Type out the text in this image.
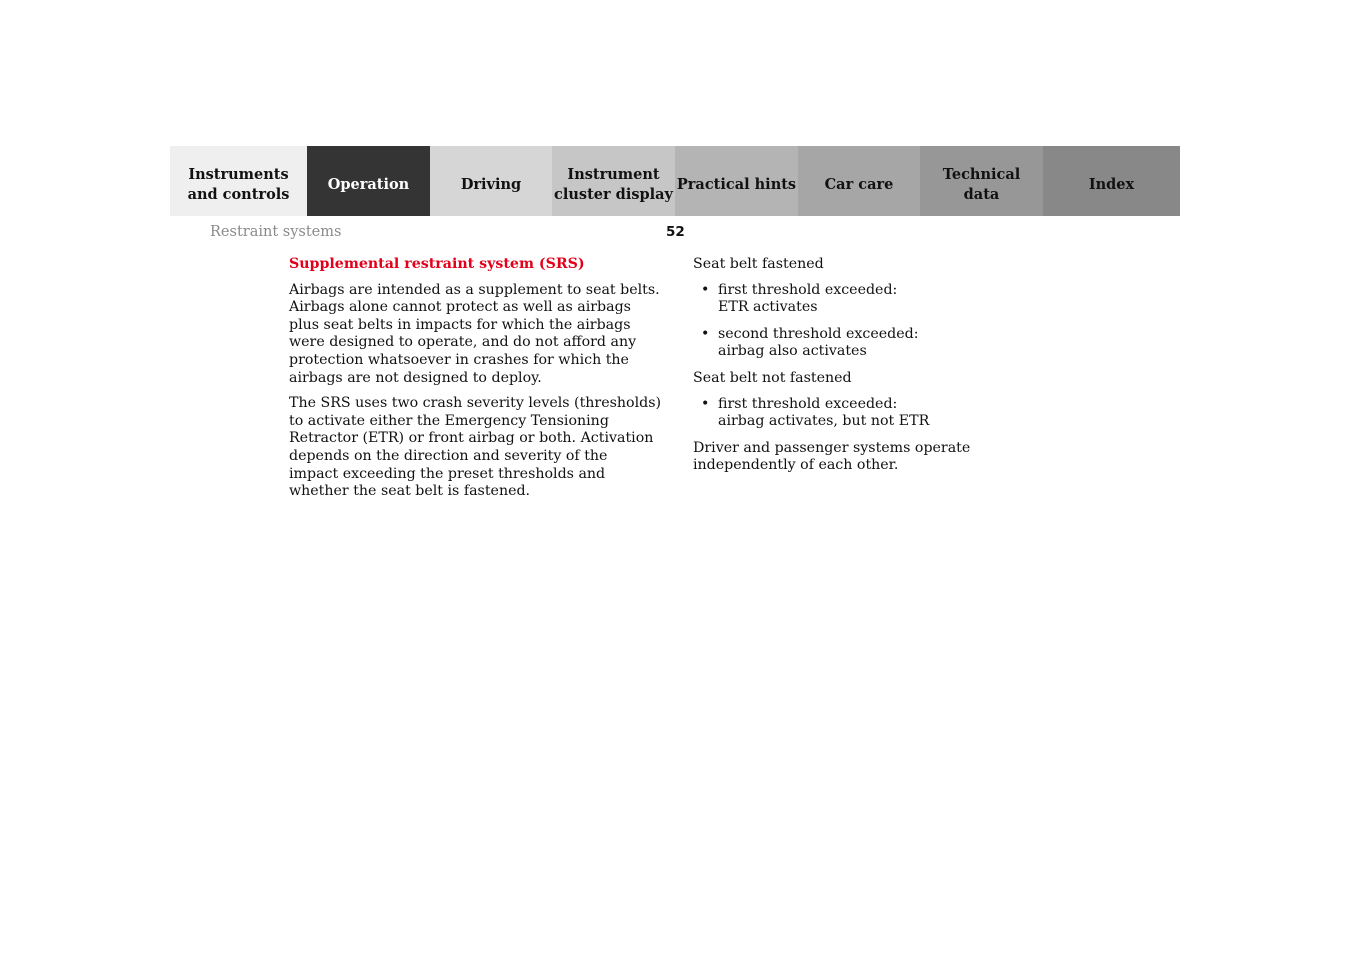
Instruments
and controls
Operation	Driving
Instrument
cluster display
Practical hints	Car care
Technical
data
Index
Restraint systems	52
Supplemental restraint system (SRS)

Airbags are intended as a supplement to seat belts. Airbags alone cannot protect as well as airbags plus seat belts in impacts for which the airbags were designed to operate, and do not afford any protection whatsoever in crashes for which the airbags are not designed to deploy.

The SRS uses two crash severity levels (thresholds) to activate either the Emergency Tensioning Retractor (ETR) or front airbag or both. Activation depends on the direction and severity of the impact exceeding the preset thresholds and whether the seat belt is fastened.

Seat belt fastened

• first threshold exceeded:
ETR activates
• second threshold exceeded:
airbag also activates

Seat belt not fastened

• first threshold exceeded:
airbag activates, but not ETR

Driver and passenger systems operate independently of each other.
